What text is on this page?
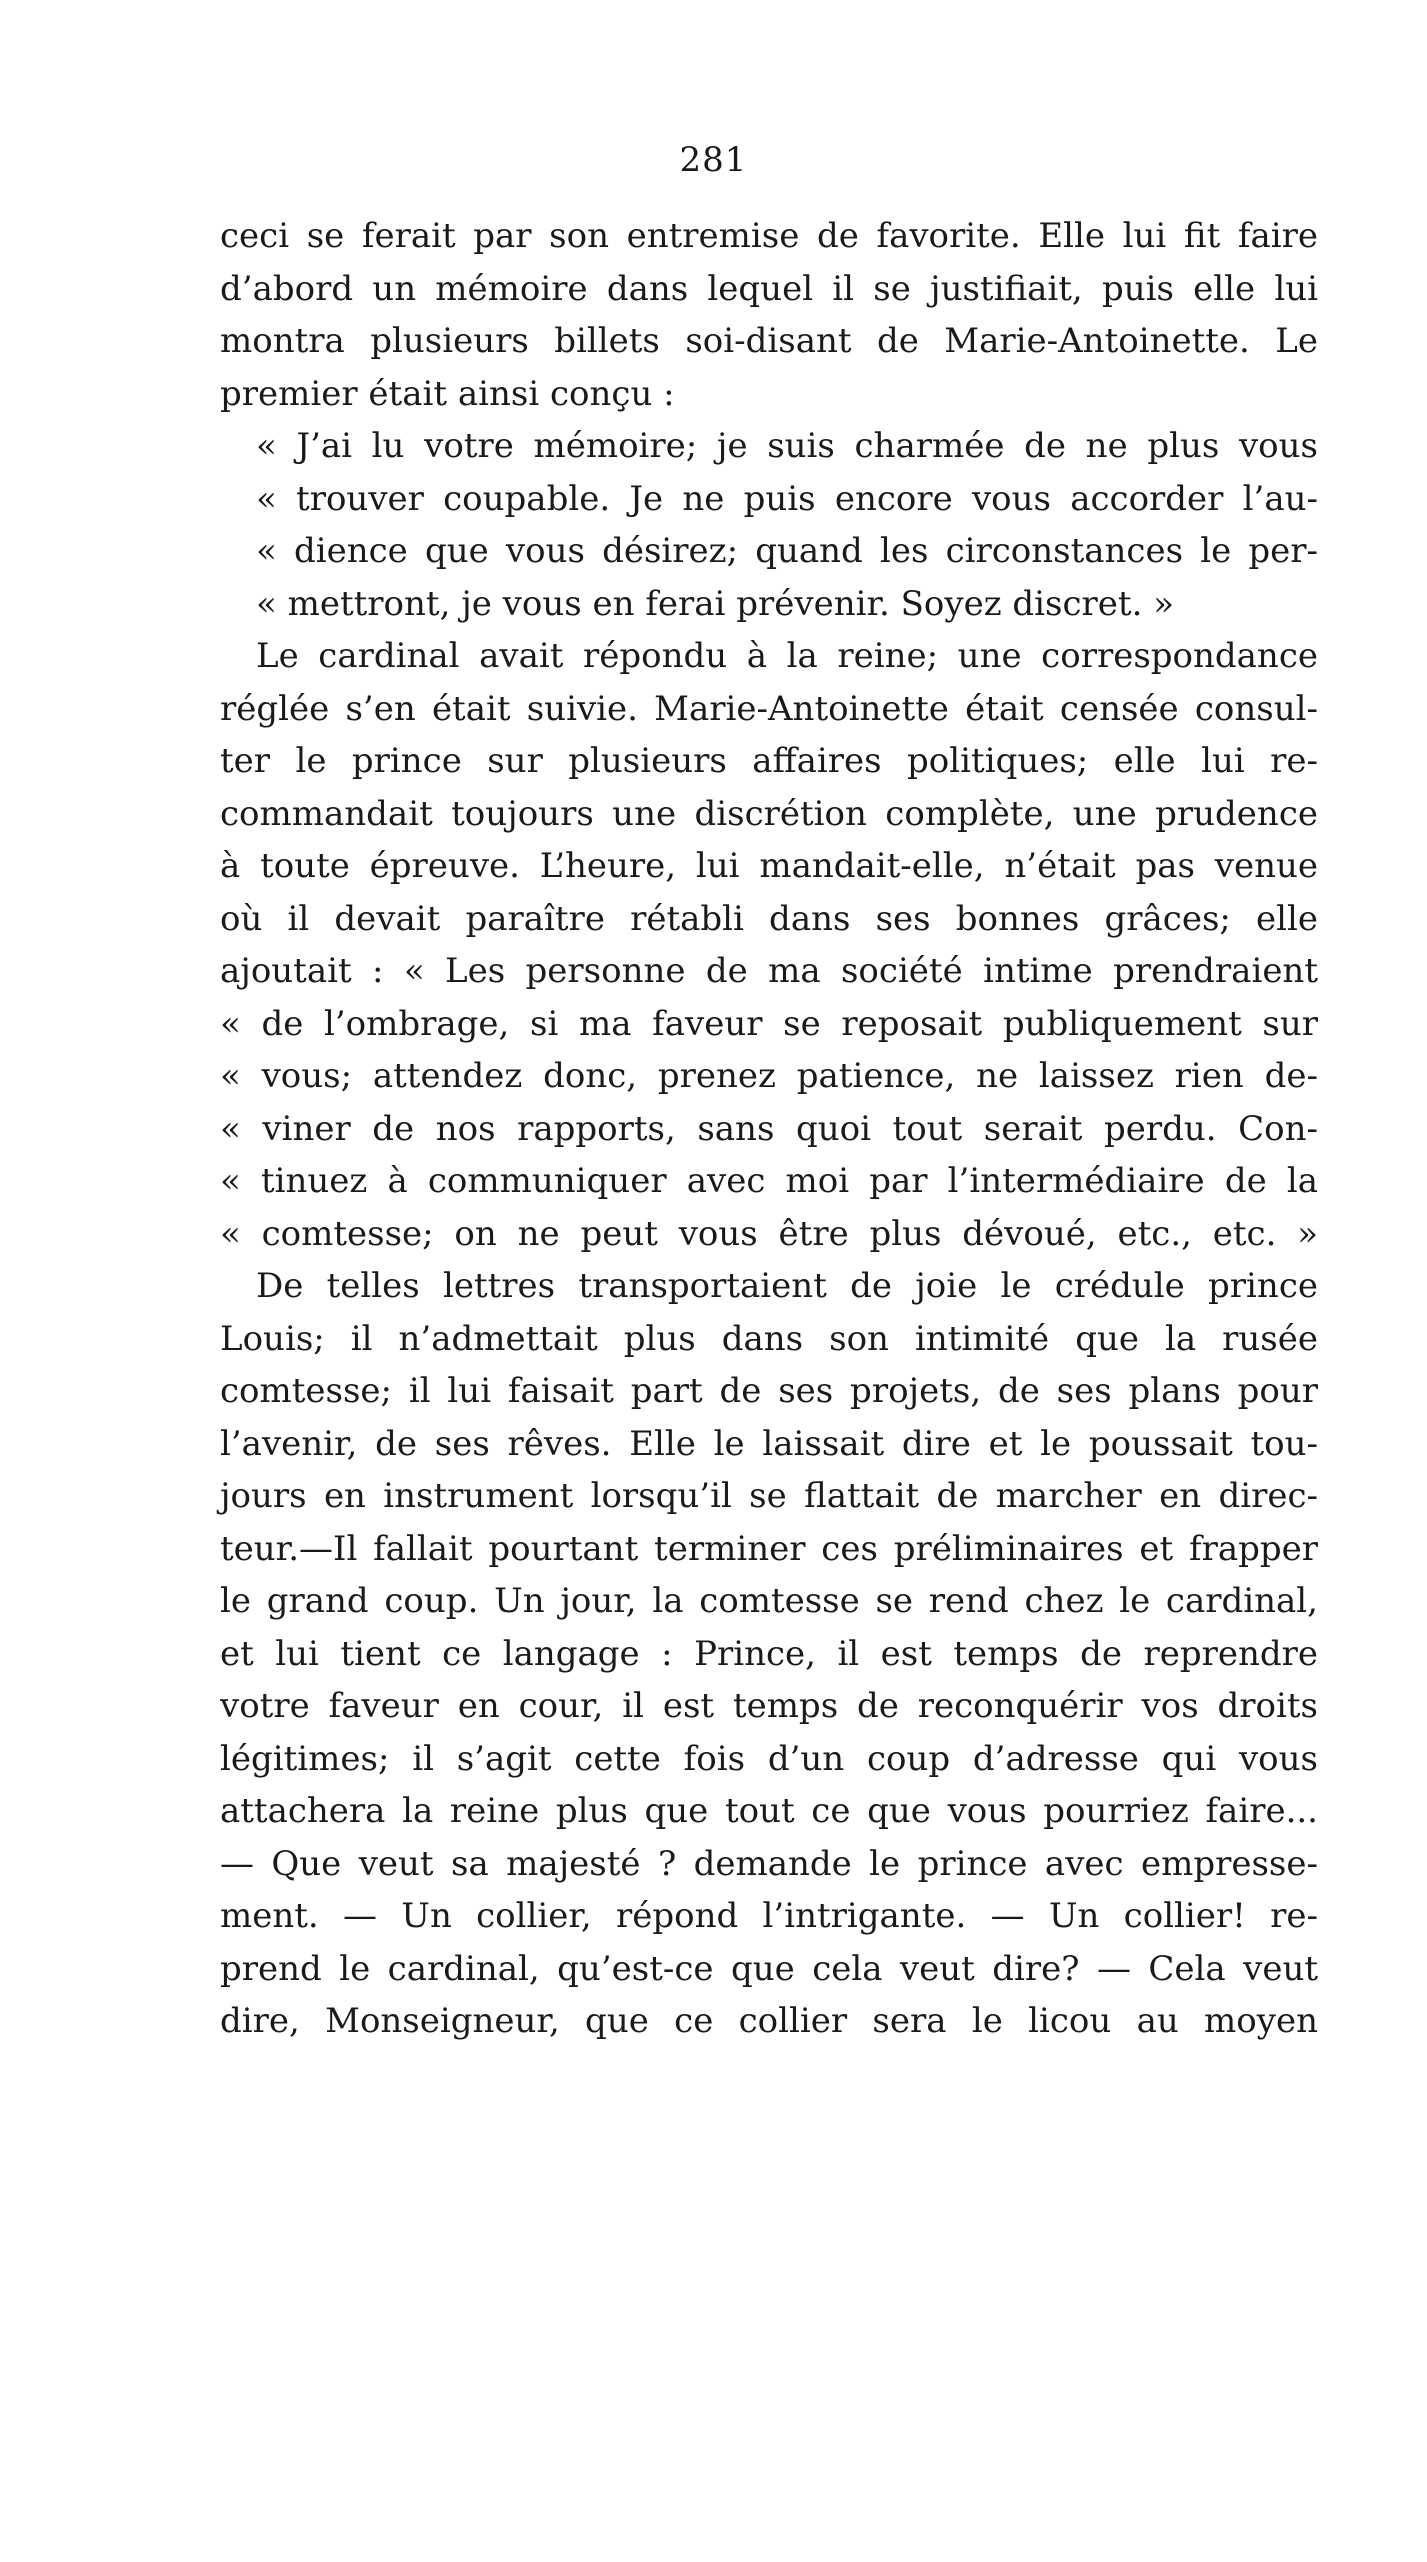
281
ceci se ferait par son entremise de favorite. Elle lui fit faire
d’abord un mémoire dans lequel il se justifiait, puis elle lui
montra plusieurs billets soi-disant de Marie-Antoinette. Le
premier était ainsi conçu :
« J’ai lu votre mémoire; je suis charmée de ne plus vous
« trouver coupable. Je ne puis encore vous accorder l’au-
« dience que vous désirez; quand les circonstances le per-
« mettront, je vous en ferai prévenir. Soyez discret. »
Le cardinal avait répondu à la reine; une correspondance
réglée s’en était suivie. Marie-Antoinette était censée consul-
ter le prince sur plusieurs affaires politiques; elle lui re-
commandait toujours une discrétion complète, une prudence
à toute épreuve. L’heure, lui mandait-elle, n’était pas venue
où il devait paraître rétabli dans ses bonnes grâces; elle
ajoutait : « Les personne de ma société intime prendraient
« de l’ombrage, si ma faveur se reposait publiquement sur
« vous; attendez donc, prenez patience, ne laissez rien de-
« viner de nos rapports, sans quoi tout serait perdu. Con-
« tinuez à communiquer avec moi par l’intermédiaire de la
« comtesse; on ne peut vous être plus dévoué, etc., etc. »
De telles lettres transportaient de joie le crédule prince
Louis; il n’admettait plus dans son intimité que la rusée
comtesse; il lui faisait part de ses projets, de ses plans pour
l’avenir, de ses rêves. Elle le laissait dire et le poussait tou-
jours en instrument lorsqu’il se flattait de marcher en direc-
teur.—Il fallait pourtant terminer ces préliminaires et frapper
le grand coup. Un jour, la comtesse se rend chez le cardinal,
et lui tient ce langage : Prince, il est temps de reprendre
votre faveur en cour, il est temps de reconquérir vos droits
légitimes; il s’agit cette fois d’un coup d’adresse qui vous
attachera la reine plus que tout ce que vous pourriez faire...
— Que veut sa majesté ? demande le prince avec empresse-
ment. — Un collier, répond l’intrigante. — Un collier! re-
prend le cardinal, qu’est-ce que cela veut dire? — Cela veut
dire, Monseigneur, que ce collier sera le licou au moyen
